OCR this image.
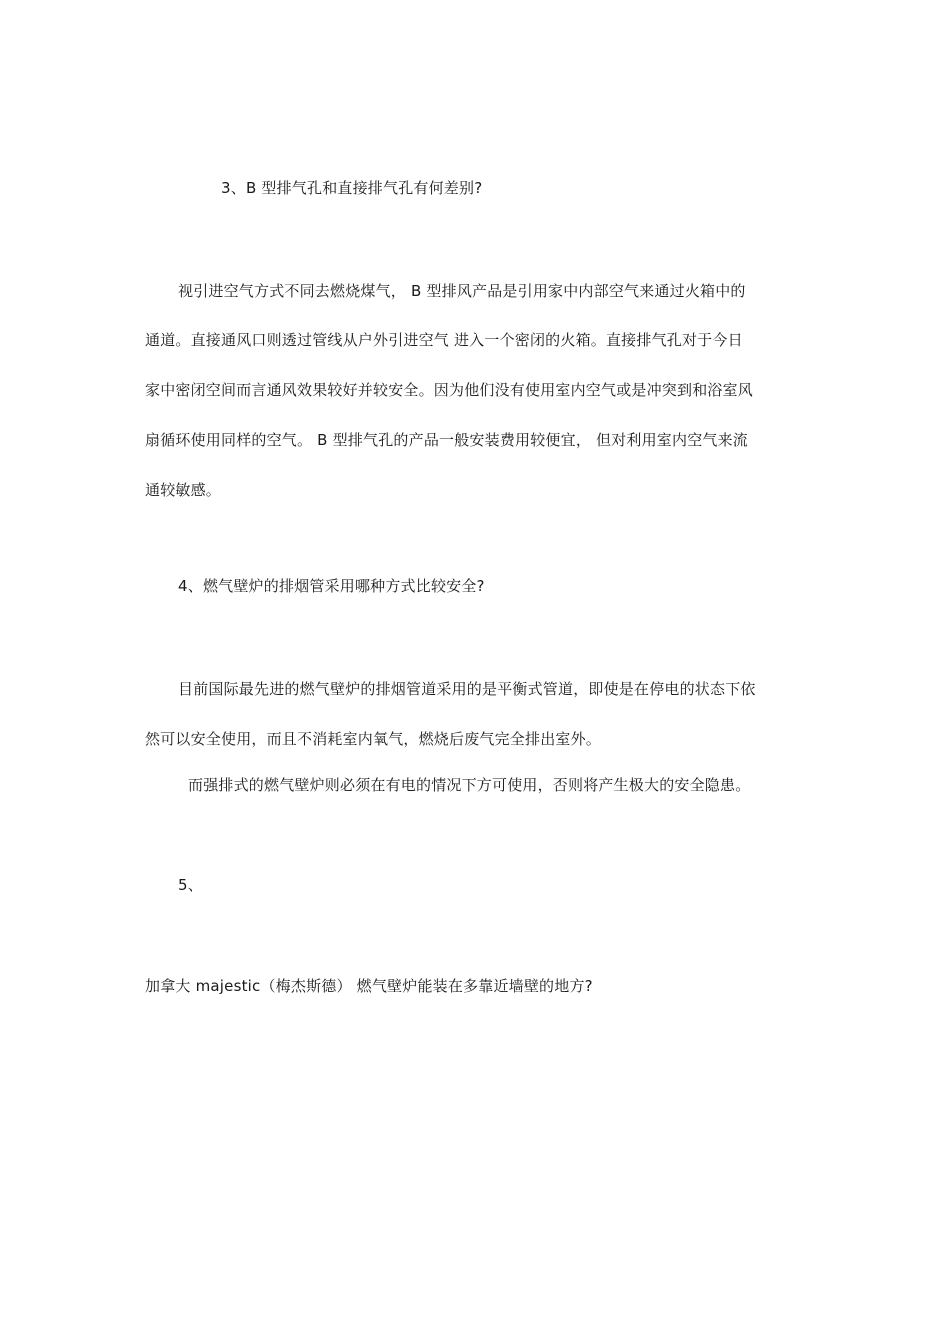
3、B 型排气孔和直接排气孔有何差别?
视引进空气方式不同去燃烧煤气， B 型排风产品是引用家中内部空气来通过火箱中的
通道。直接通风口则透过管线从户外引进空气 进入一个密闭的火箱。直接排气孔对于今日
家中密闭空间而言通风效果较好并较安全。因为他们没有使用室内空气或是冲突到和浴室风
扇循环使用同样的空气。 B 型排气孔的产品一般安装费用较便宜， 但对利用室内空气来流
通较敏感。
4、燃气壁炉的排烟管采用哪种方式比较安全?
目前国际最先进的燃气壁炉的排烟管道采用的是平衡式管道，即使是在停电的状态下依
然可以安全使用，而且不消耗室内氧气，燃烧后废气完全排出室外。
而强排式的燃气壁炉则必须在有电的情况下方可使用，否则将产生极大的安全隐患。
5、
加拿大 majestic（梅杰斯德） 燃气壁炉能装在多靠近墙壁的地方?
